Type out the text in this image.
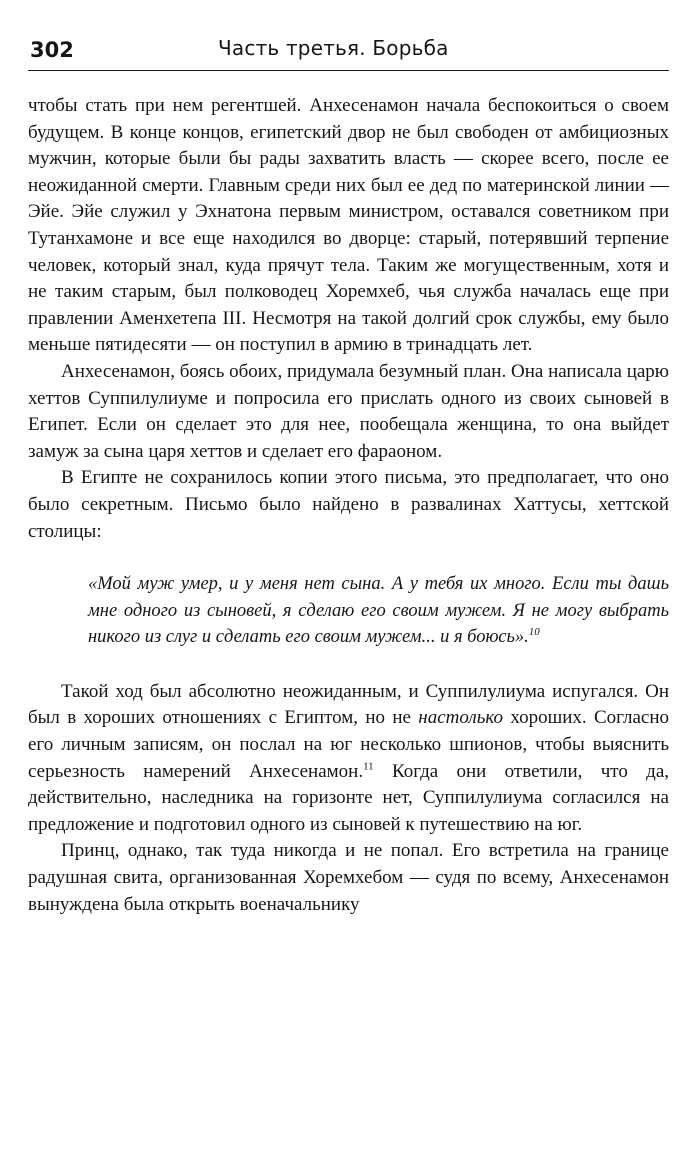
302	Часть третья. Борьба

чтобы стать при нем регентшей. Анхесенамон начала беспокоиться о своем будущем. В конце концов, египетский двор не был свободен от амбициозных мужчин, которые были бы рады захватить власть — скорее всего, после ее неожиданной смерти. Главным среди них был ее дед по материнской линии — Эйе. Эйе служил у Эхнатона первым министром, оставался советником при Тутанхамоне и все еще находился во дворце: старый, потерявший терпение человек, который знал, куда прячут тела. Таким же могущественным, хотя и не таким старым, был полководец Хоремхеб, чья служба началась еще при правлении Аменхетепа III. Несмотря на такой долгий срок службы, ему было меньше пятидесяти — он поступил в армию в тринадцать лет.

Анхесенамон, боясь обоих, придумала безумный план. Она написала царю хеттов Суппилулиуме и попросила его прислать одного из своих сыновей в Египет. Если он сделает это для нее, пообещала женщина, то она выйдет замуж за сына царя хеттов и сделает его фараоном.

В Египте не сохранилось копии этого письма, это предполагает, что оно было секретным. Письмо было найдено в развалинах Хаттусы, хеттской столицы:

«Мой муж умер, и у меня нет сына. А у тебя их много. Если ты дашь мне одного из сыновей, я сделаю его своим мужем. Я не могу выбрать никого из слуг и сделать его своим мужем... и я боюсь».$^{10}$

Такой ход был абсолютно неожиданным, и Суппилулиума испугался. Он был в хороших отношениях с Египтом, но не настолько хороших. Согласно его личным записям, он послал на юг несколько шпионов, чтобы выяснить серьезность намерений Анхесенамон.$^{11}$ Когда они ответили, что да, действительно, наследника на горизонте нет, Суппилулиума согласился на предложение и подготовил одного из сыновей к путешествию на юг.

Принц, однако, так туда никогда и не попал. Его встретила на границе радушная свита, организованная Хоремхебом — судя по всему, Анхесенамон вынуждена была открыть военачальнику
